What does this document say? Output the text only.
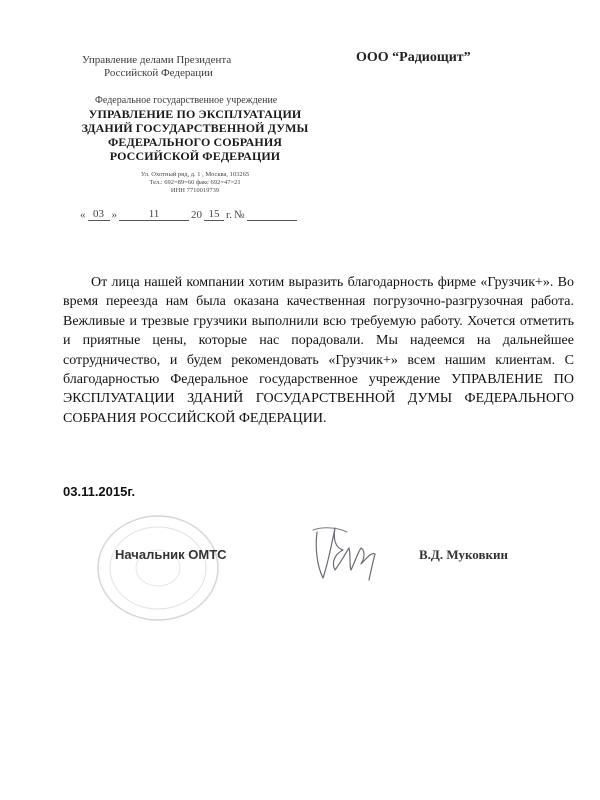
Управление делами Президента
Российской Федерации
Федеральное государственное учреждение
УПРАВЛЕНИЕ ПО ЭКСПЛУАТАЦИИ
ЗДАНИЙ ГОСУДАРСТВЕННОЙ ДУМЫ
ФЕДЕРАЛЬНОГО СОБРАНИЯ
РОССИЙСКОЙ ФЕДЕРАЦИИ
Ул. Охотный ряд, д. 1 , Москва, 103265
Тел.: 692=89=60 факс 692=47=21
ИНН 7710019739
« 03 »	11	20 15 г. №
ООО “Радиощит”

От лица нашей компании хотим выразить благодарность фирме «Грузчик+». Во время переезда нам была оказана качественная погрузочно-разгрузочная работа. Вежливые и трезвые грузчики выполнили всю требуемую работу. Хочется отметить и приятные цены, которые нас порадовали. Мы надеемся на дальнейшее сотрудничество, и будем рекомендовать «Грузчик+» всем нашим клиентам. С благодарностью Федеральное государственное учреждение УПРАВЛЕНИЕ ПО ЭКСПЛУАТАЦИИ ЗДАНИЙ ГОСУДАРСТВЕННОЙ ДУМЫ ФЕДЕРАЛЬНОГО СОБРАНИЯ РОССИЙСКОЙ ФЕДЕРАЦИИ.

03.11.2015г.
Начальник ОМТС	В.Д. Муковкин
